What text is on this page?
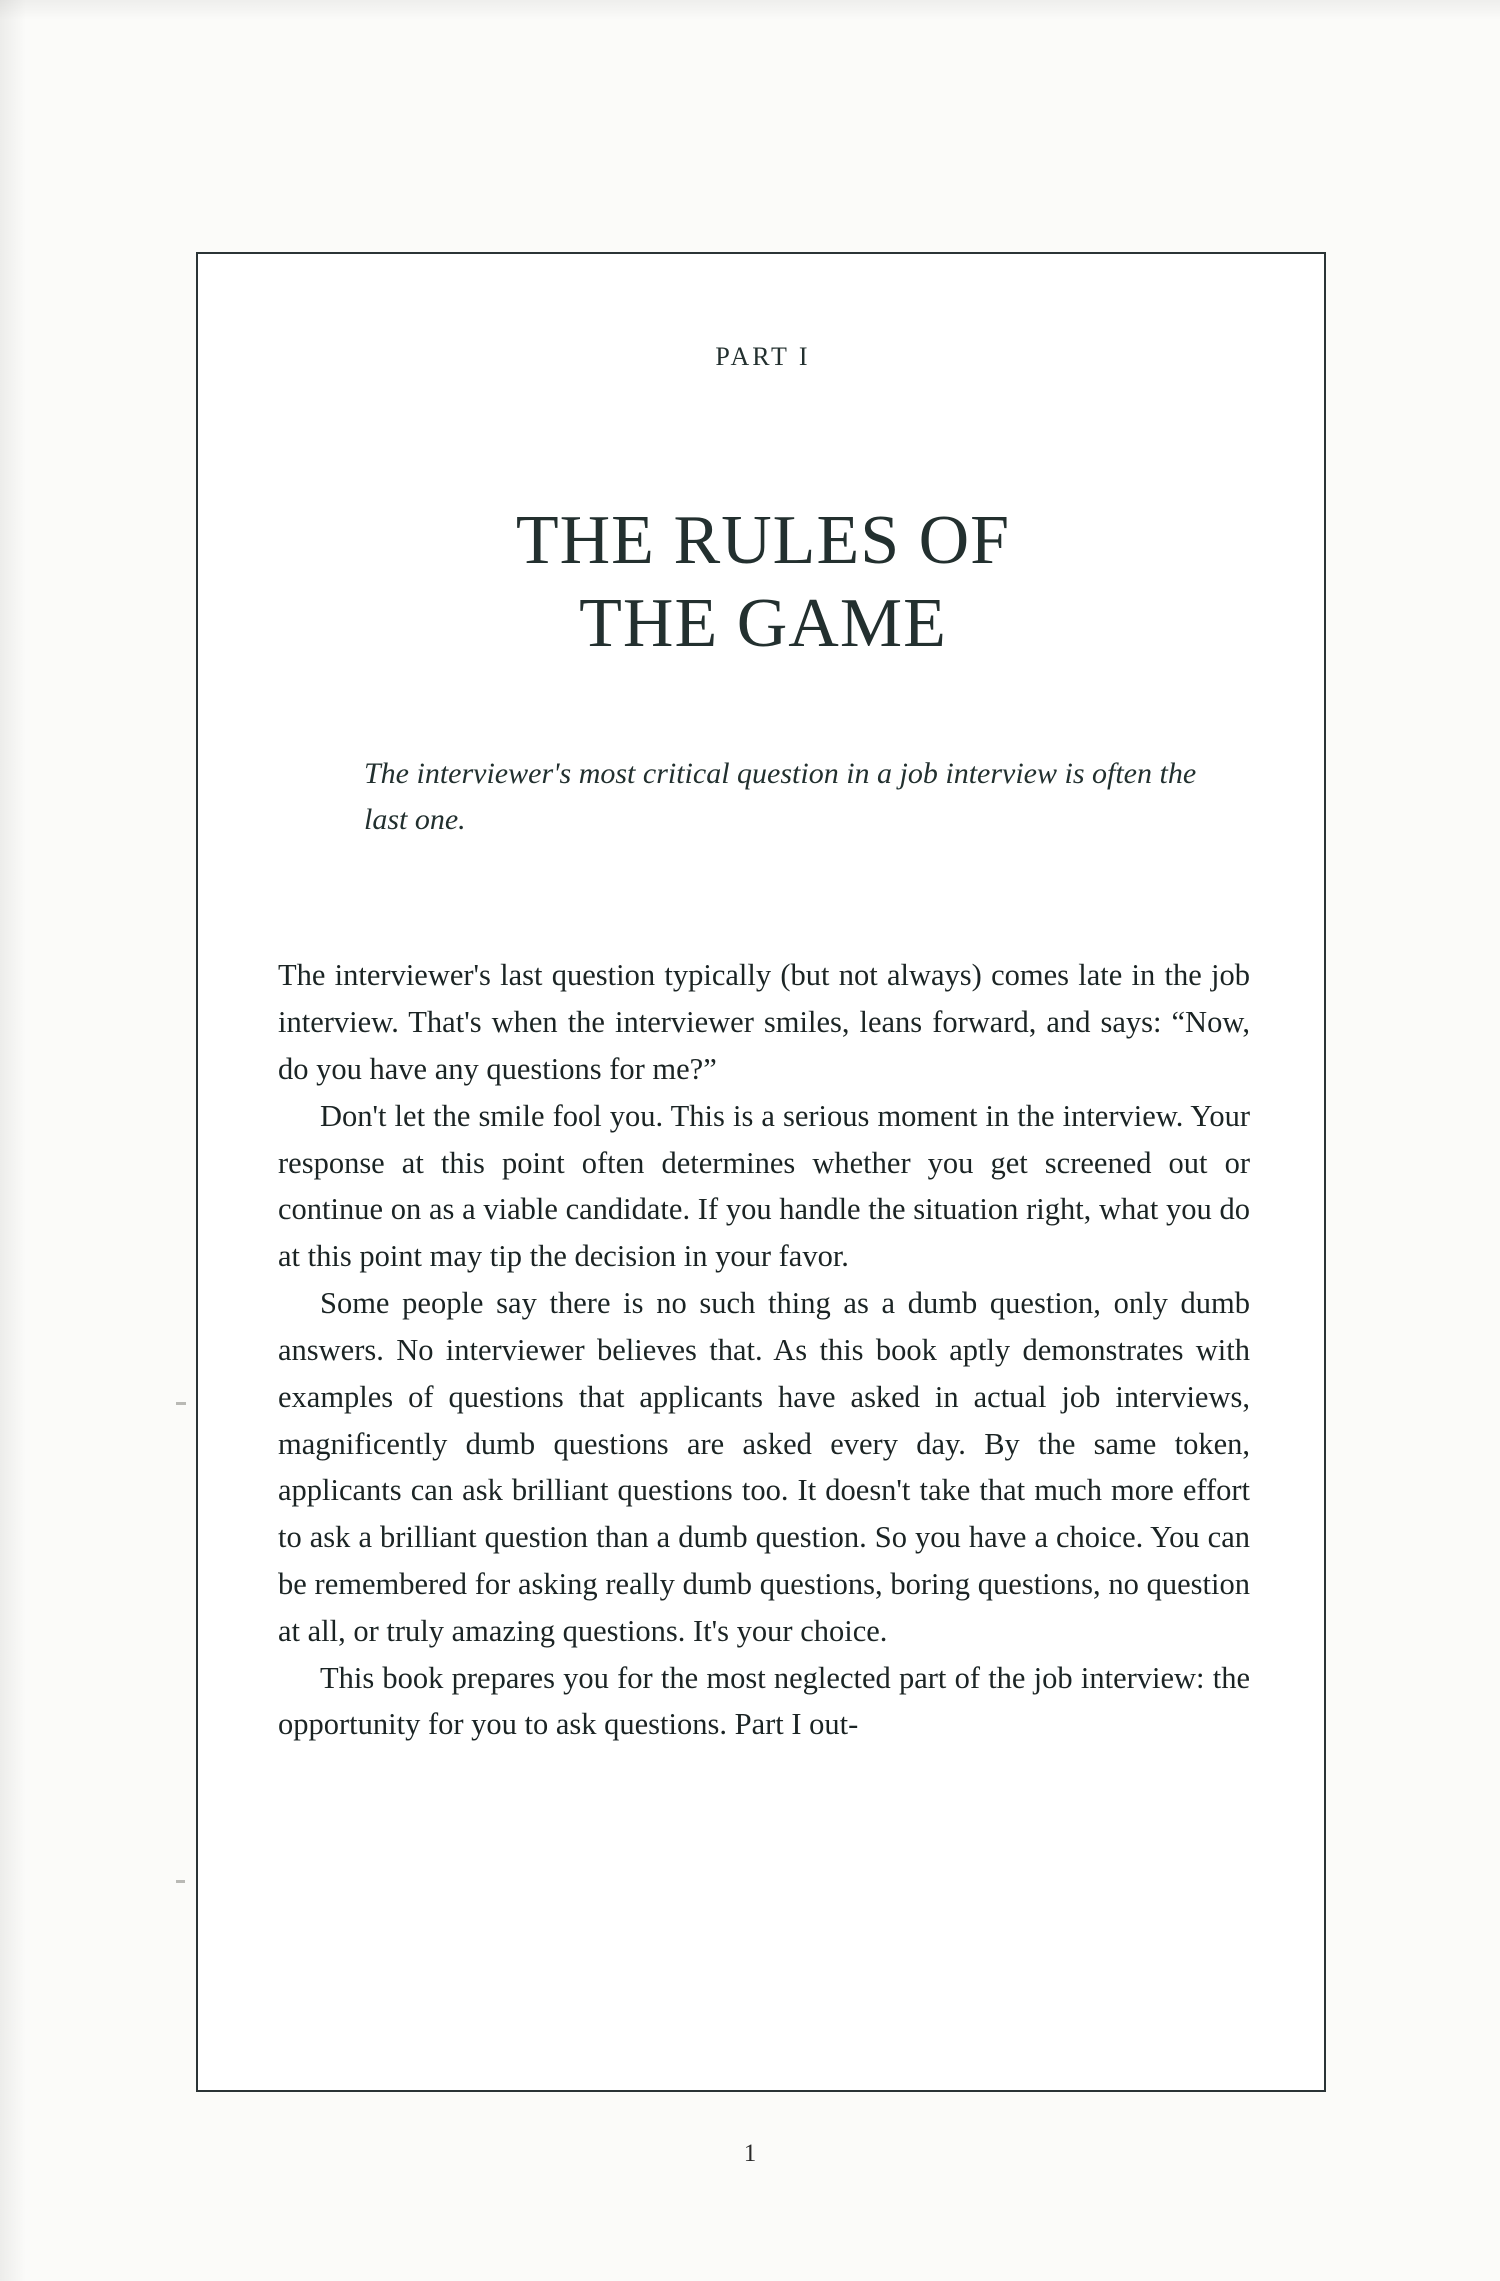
PART I
THE RULES OF
THE GAME
The interviewer's most critical question in a job interview is often the last one.

The interviewer's last question typically (but not always) comes late in the job interview. That's when the interviewer smiles, leans forward, and says: “Now, do you have any questions for me?”

Don't let the smile fool you. This is a serious moment in the interview. Your response at this point often determines whether you get screened out or continue on as a viable candidate. If you handle the situation right, what you do at this point may tip the decision in your favor.

Some people say there is no such thing as a dumb question, only dumb answers. No interviewer believes that. As this book aptly demonstrates with examples of questions that applicants have asked in actual job interviews, magnificently dumb questions are asked every day. By the same token, applicants can ask brilliant questions too. It doesn't take that much more effort to ask a brilliant question than a dumb question. So you have a choice. You can be remembered for asking really dumb questions, boring questions, no question at all, or truly amazing questions. It's your choice.

This book prepares you for the most neglected part of the job interview: the opportunity for you to ask questions. Part I out-

1
